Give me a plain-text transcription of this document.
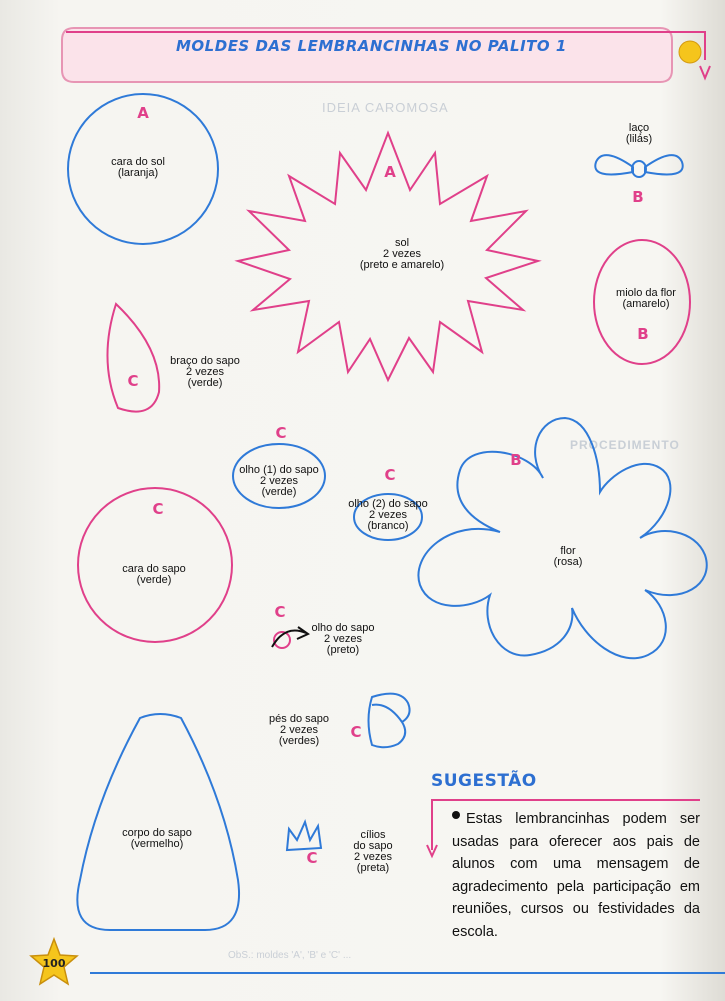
IDEIA CAROMOSA
PROCEDIMENTO
ObS.: moldes 'A', 'B' e 'C' ...
MOLDES DAS LEMBRANCINHAS NO PALITO 1
A
A
B
B
C
C
C
B
C
C
C
C
cara do sol
(laranja)
sol
2 vezes
(preto e amarelo)
laço
(lilás)
miolo da flor
(amarelo)
braço do sapo
2 vezes
(verde)
olho (1) do sapo
2 vezes
(verde)
olho (2) do sapo
2 vezes
(branco)
flor
(rosa)
cara do sapo
(verde)
olho do sapo
2 vezes
(preto)
pés do sapo
2 vezes
(verdes)
corpo do sapo
(vermelho)
cílios
do sapo
2 vezes
(preta)
SUGESTÃO
Estas lembrancinhas podem ser usadas para oferecer aos pais de alunos com uma mensagem de agradecimento pela participação em reuniões, cursos ou festividades da escola.
100
